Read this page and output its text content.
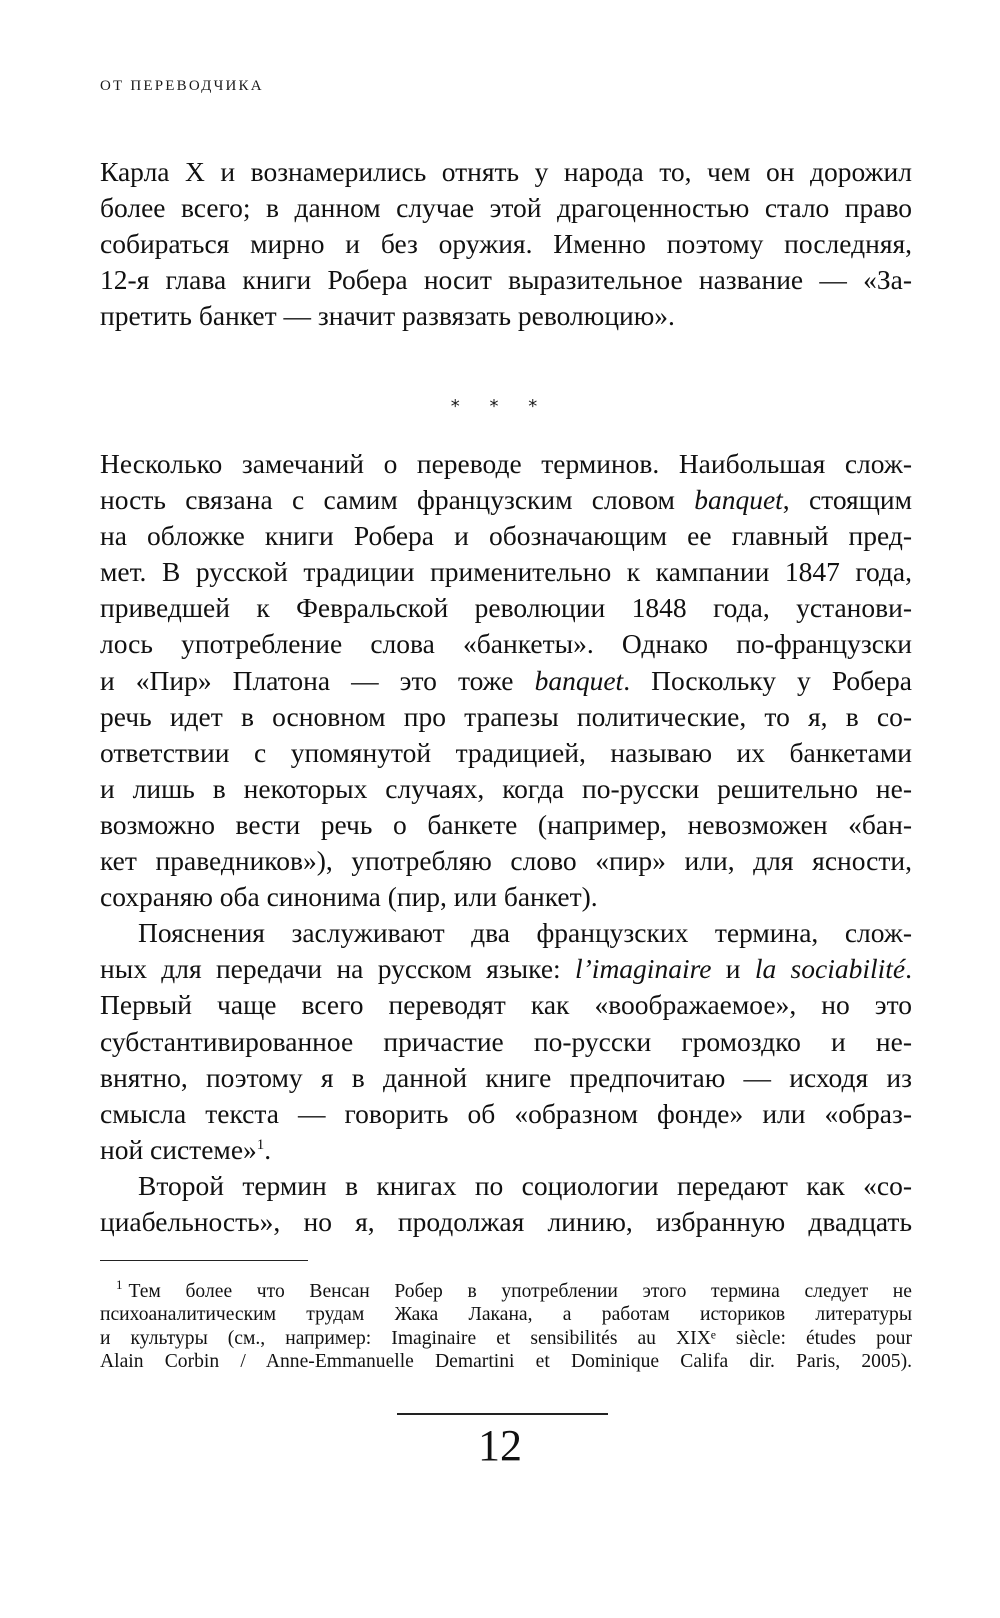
ОТ ПЕРЕВОДЧИКА

Карла X и вознамерились отнять у народа то, чем он дорожил
более всего; в данном случае этой драгоценностью стало право
собираться мирно и без оружия. Именно поэтому последняя,
12-я глава книги Робера носит выразительное название — «За-
претить банкет — значит развязать революцию».

* * *

Несколько замечаний о переводе терминов. Наибольшая слож-
ность связана с самим французским словом banquet, стоящим
на обложке книги Робера и обозначающим ее главный пред-
мет. В русской традиции применительно к кампании 1847 года,
приведшей к Февральской революции 1848 года, установи-
лось употребление слова «банкеты». Однако по-французски
и «Пир» Платона — это тоже banquet. Поскольку у Робера
речь идет в основном про трапезы политические, то я, в со-
ответствии с упомянутой традицией, называю их банкетами
и лишь в некоторых случаях, когда по-русски решительно не-
возможно вести речь о банкете (например, невозможен «бан-
кет праведников»), употребляю слово «пир» или, для ясности,
сохраняю оба синонима (пир, или банкет).

Пояснения заслуживают два французских термина, слож-
ных для передачи на русском языке: l’imaginaire и la sociabilité.
Первый чаще всего переводят как «воображаемое», но это
субстантивированное причастие по-русски громоздко и не-
внятно, поэтому я в данной книге предпочитаю — исходя из
смысла текста — говорить об «образном фонде» или «образ-
ной системе»$^1$.

Второй термин в книгах по социологии передают как «со-
циабельность», но я, продолжая линию, избранную двадцать

$^1$ Тем более что Венсан Робер в употреблении этого термина следует не
психоаналитическим трудам Жака Лакана, а работам историков литературы
и культуры (см., например: Imaginaire et sensibilités au XIXᵉ siècle: études pour
Alain Corbin / Anne-Emmanuelle Demartini et Dominique Califa dir. Paris, 2005).
12
